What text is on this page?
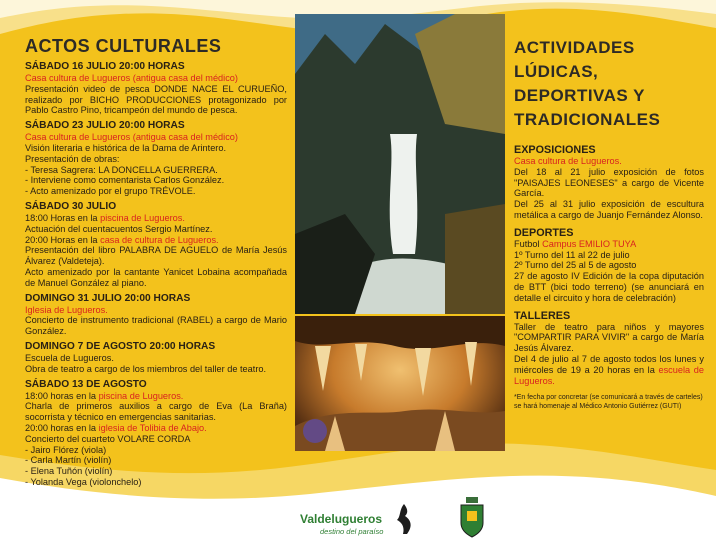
ACTOS CULTURALES
SÁBADO 16 JULIO 20:00 HORAS

Casa cultura de Lugueros (antigua casa del médico)

Presentación video de pesca DONDE NACE EL CURUEÑO, realizado por BICHO PRODUCCIONES protagonizado por Pablo Castro Pino, tricampeón del mundo de pesca.

SÁBADO 23 JULIO 20:00 HORAS

Casa cultura de Lugueros (antigua casa del médico)

Visión literaria e histórica de la Dama de Arintero.

Presentación de obras:

- Teresa Sagrera: LA DONCELLA GUERRERA.

- Interviene como comentarista Carlos González.

- Acto amenizado por el grupo TRÉVOLE.

SÁBADO 30 JULIO

18:00 Horas en la piscina de Lugueros.

Actuación del cuentacuentos Sergio Martínez.

20:00 Horas en la casa de cultura de Lugueros.

Presentación del libro PALABRA DE AGUELO de María Jesús Álvarez (Valdeteja).

Acto amenizado por la cantante Yanicet Lobaina acompañada de Manuel González al piano.

DOMINGO 31 JULIO 20:00 HORAS

Iglesia de Lugueros.

Concierto de instrumento tradicional (RABEL) a cargo de Mario González.

DOMINGO 7 DE AGOSTO 20:00 HORAS

Escuela de Lugueros.

Obra de teatro a cargo de los miembros del taller de teatro.

SÁBADO 13 DE AGOSTO

18:00 horas en la piscina de Lugueros.

Charla de primeros auxilios a cargo de Eva (La Braña) socorrista y técnico en emergencias sanitarias.

20:00 horas en la iglesia de Tolibia de Abajo.

Concierto del cuarteto VOLARE CORDA

- Jairo Flórez (viola)

- Carla Martín (violín)

- Elena Tuñón (violín)

- Yolanda Vega (violonchelo)

ACTIVIDADES
LÚDICAS,
DEPORTIVAS Y
TRADICIONALES
EXPOSICIONES
Casa cultura de Lugueros.
Del 18 al 21 julio exposición de fotos "PAISAJES LEONESES" a cargo de Vicente García.
Del 25 al 31 julio exposición de escultura metálica a cargo de Juanjo Fernández Alonso.
DEPORTES
Futbol Campus EMILIO TUYA
1º Turno del 11 al 22 de julio
2º Turno del 25 al 5 de agosto
27 de agosto IV Edición de la copa diputación de BTT (bici todo terreno) (se anunciará en detalle el circuito y hora de celebración)
TALLERES
Taller de teatro para niños y mayores "COMPARTIR PARA VIVIR" a cargo de María Jesús Álvarez.
Del 4 de julio al 7 de agosto todos los lunes y miércoles de 19 a 20 horas en la escuela de Lugueros.
*En fecha por concretar (se comunicará a través de carteles) se hará homenaje al Médico Antonio Gutiérrez (GUTI)
Valdelugueros
destino del paraíso
